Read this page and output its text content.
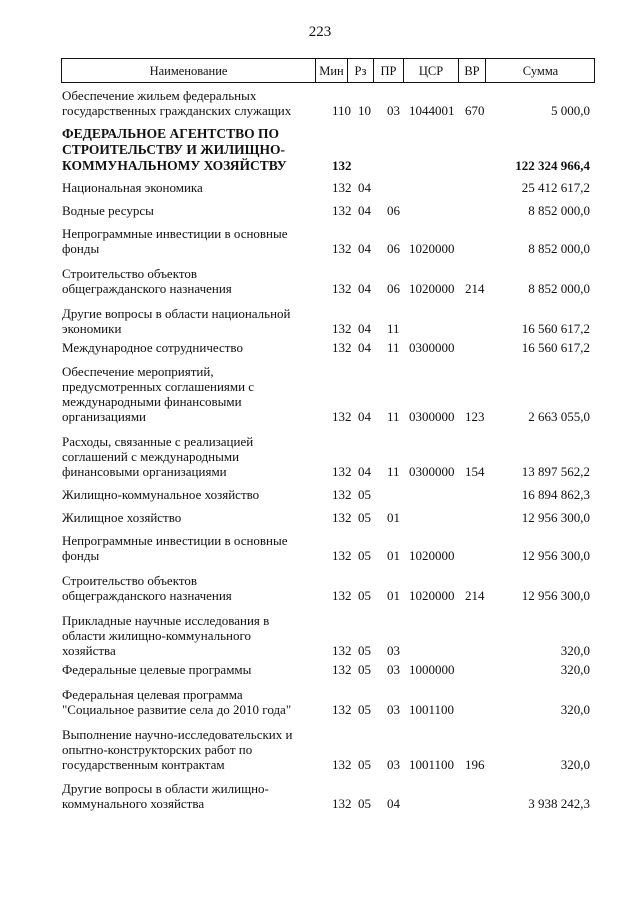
223
Наименование	Мин Рз	ПР	ЦСР	ВР	Сумма
Обеспечение жильем федеральных
государственных гражданских служащих	110 10 03 1044001 670	5 000,0
ФЕДЕРАЛЬНОЕ АГЕНТСТВО ПО
СТРОИТЕЛЬСТВУ И ЖИЛИЩНО-
КОММУНАЛЬНОМУ ХОЗЯЙСТВУ	132	122 324 966,4
Национальная экономика	132 04	25 412 617,2
Водные ресурсы	132 04 06	8 852 000,0
Непрограммные инвестиции в основные
фонды	132 04 06 1020000	8 852 000,0
Строительство объектов
общегражданского назначения	132 04 06 1020000 214	8 852 000,0
Другие вопросы в области национальной
экономики	132 04 11	16 560 617,2
Международное сотрудничество	132 04 11 0300000	16 560 617,2
Обеспечение мероприятий,
предусмотренных соглашениями с
международными финансовыми
организациями	132 04 11 0300000 123	2 663 055,0
Расходы, связанные с реализацией
соглашений с международными
финансовыми организациями	132 04 11 0300000 154	13 897 562,2
Жилищно-коммунальное хозяйство	132 05	16 894 862,3
Жилищное хозяйство	132 05 01	12 956 300,0
Непрограммные инвестиции в основные
фонды	132 05 01 1020000	12 956 300,0
Строительство объектов
общегражданского назначения	132 05 01 1020000 214	12 956 300,0
Прикладные научные исследования в
области жилищно-коммунального
хозяйства	132 05 03	320,0
Федеральные целевые программы	132 05 03 1000000	320,0
Федеральная целевая программа
"Социальное развитие села до 2010 года"	132 05 03 1001100	320,0
Выполнение научно-исследовательских и
опытно-конструкторских работ по
государственным контрактам	132 05 03 1001100 196	320,0
Другие вопросы в области жилищно-
коммунального хозяйства	132 05 04	3 938 242,3
